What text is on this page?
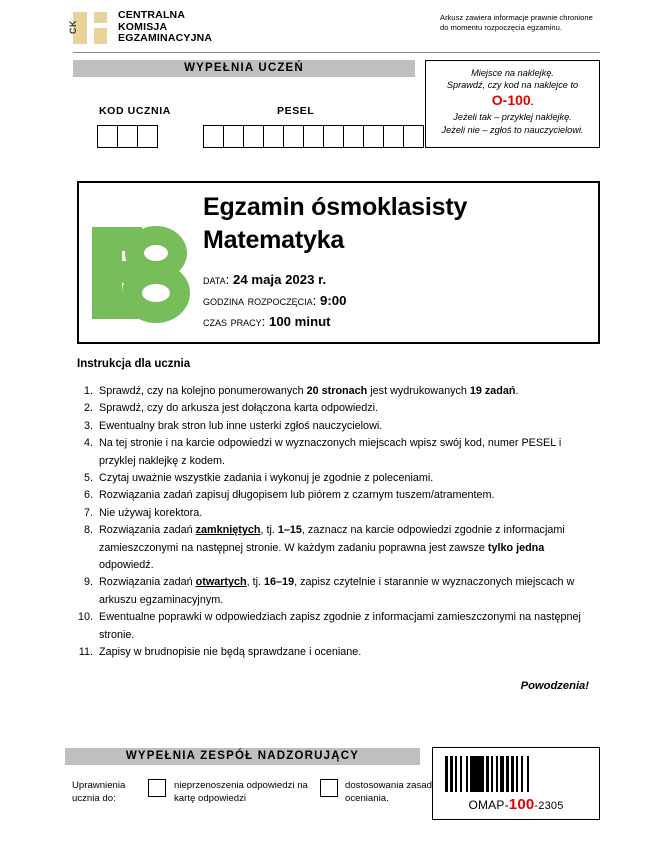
CK
CENTRALNA
KOMISJA
EGZAMINACYJNA
Arkusz zawiera informacje prawnie chronione do momentu rozpoczęcia egzaminu.
WYPEŁNIA UCZEŃ
KOD UCZNIA	PESEL
Miejsce na naklejkę.
Sprawdź, czy kod na naklejce to
O-100.
Jeżeli tak – przyklej naklejkę.
Jeżeli nie – zgłoś to nauczycielowi.
Egzamin ósmoklasisty
Matematyka
data: 24 maja 2023 r.
godzina rozpoczęcia: 9:00
czas pracy: 100 minut
Instrukcja dla ucznia
1. Sprawdź, czy na kolejno ponumerowanych 20 stronach jest wydrukowanych 19 zadań.
2. Sprawdź, czy do arkusza jest dołączona karta odpowiedzi.
3. Ewentualny brak stron lub inne usterki zgłoś nauczycielowi.
4. Na tej stronie i na karcie odpowiedzi w wyznaczonych miejscach wpisz swój kod, numer PESEL i przyklej naklejkę z kodem.
5. Czytaj uważnie wszystkie zadania i wykonuj je zgodnie z poleceniami.
6. Rozwiązania zadań zapisuj długopisem lub piórem z czarnym tuszem/atramentem.
7. Nie używaj korektora.
8. Rozwiązania zadań zamkniętych, tj. 1–15, zaznacz na karcie odpowiedzi zgodnie z informacjami zamieszczonymi na następnej stronie. W każdym zadaniu poprawna jest zawsze tylko jedna odpowiedź.
9. Rozwiązania zadań otwartych, tj. 16–19, zapisz czytelnie i starannie w wyznaczonych miejscach w arkuszu egzaminacyjnym.
10. Ewentualne poprawki w odpowiedziach zapisz zgodnie z informacjami zamieszczonymi na następnej stronie.
11. Zapisy w brudnopisie nie będą sprawdzane i oceniane.
Powodzenia!
WYPEŁNIA ZESPÓŁ NADZORUJĄCY
Uprawnienia
ucznia do:
nieprzenoszenia odpowiedzi na kartę odpowiedzi
dostosowania zasad oceniania.	OMAP-100-2305
